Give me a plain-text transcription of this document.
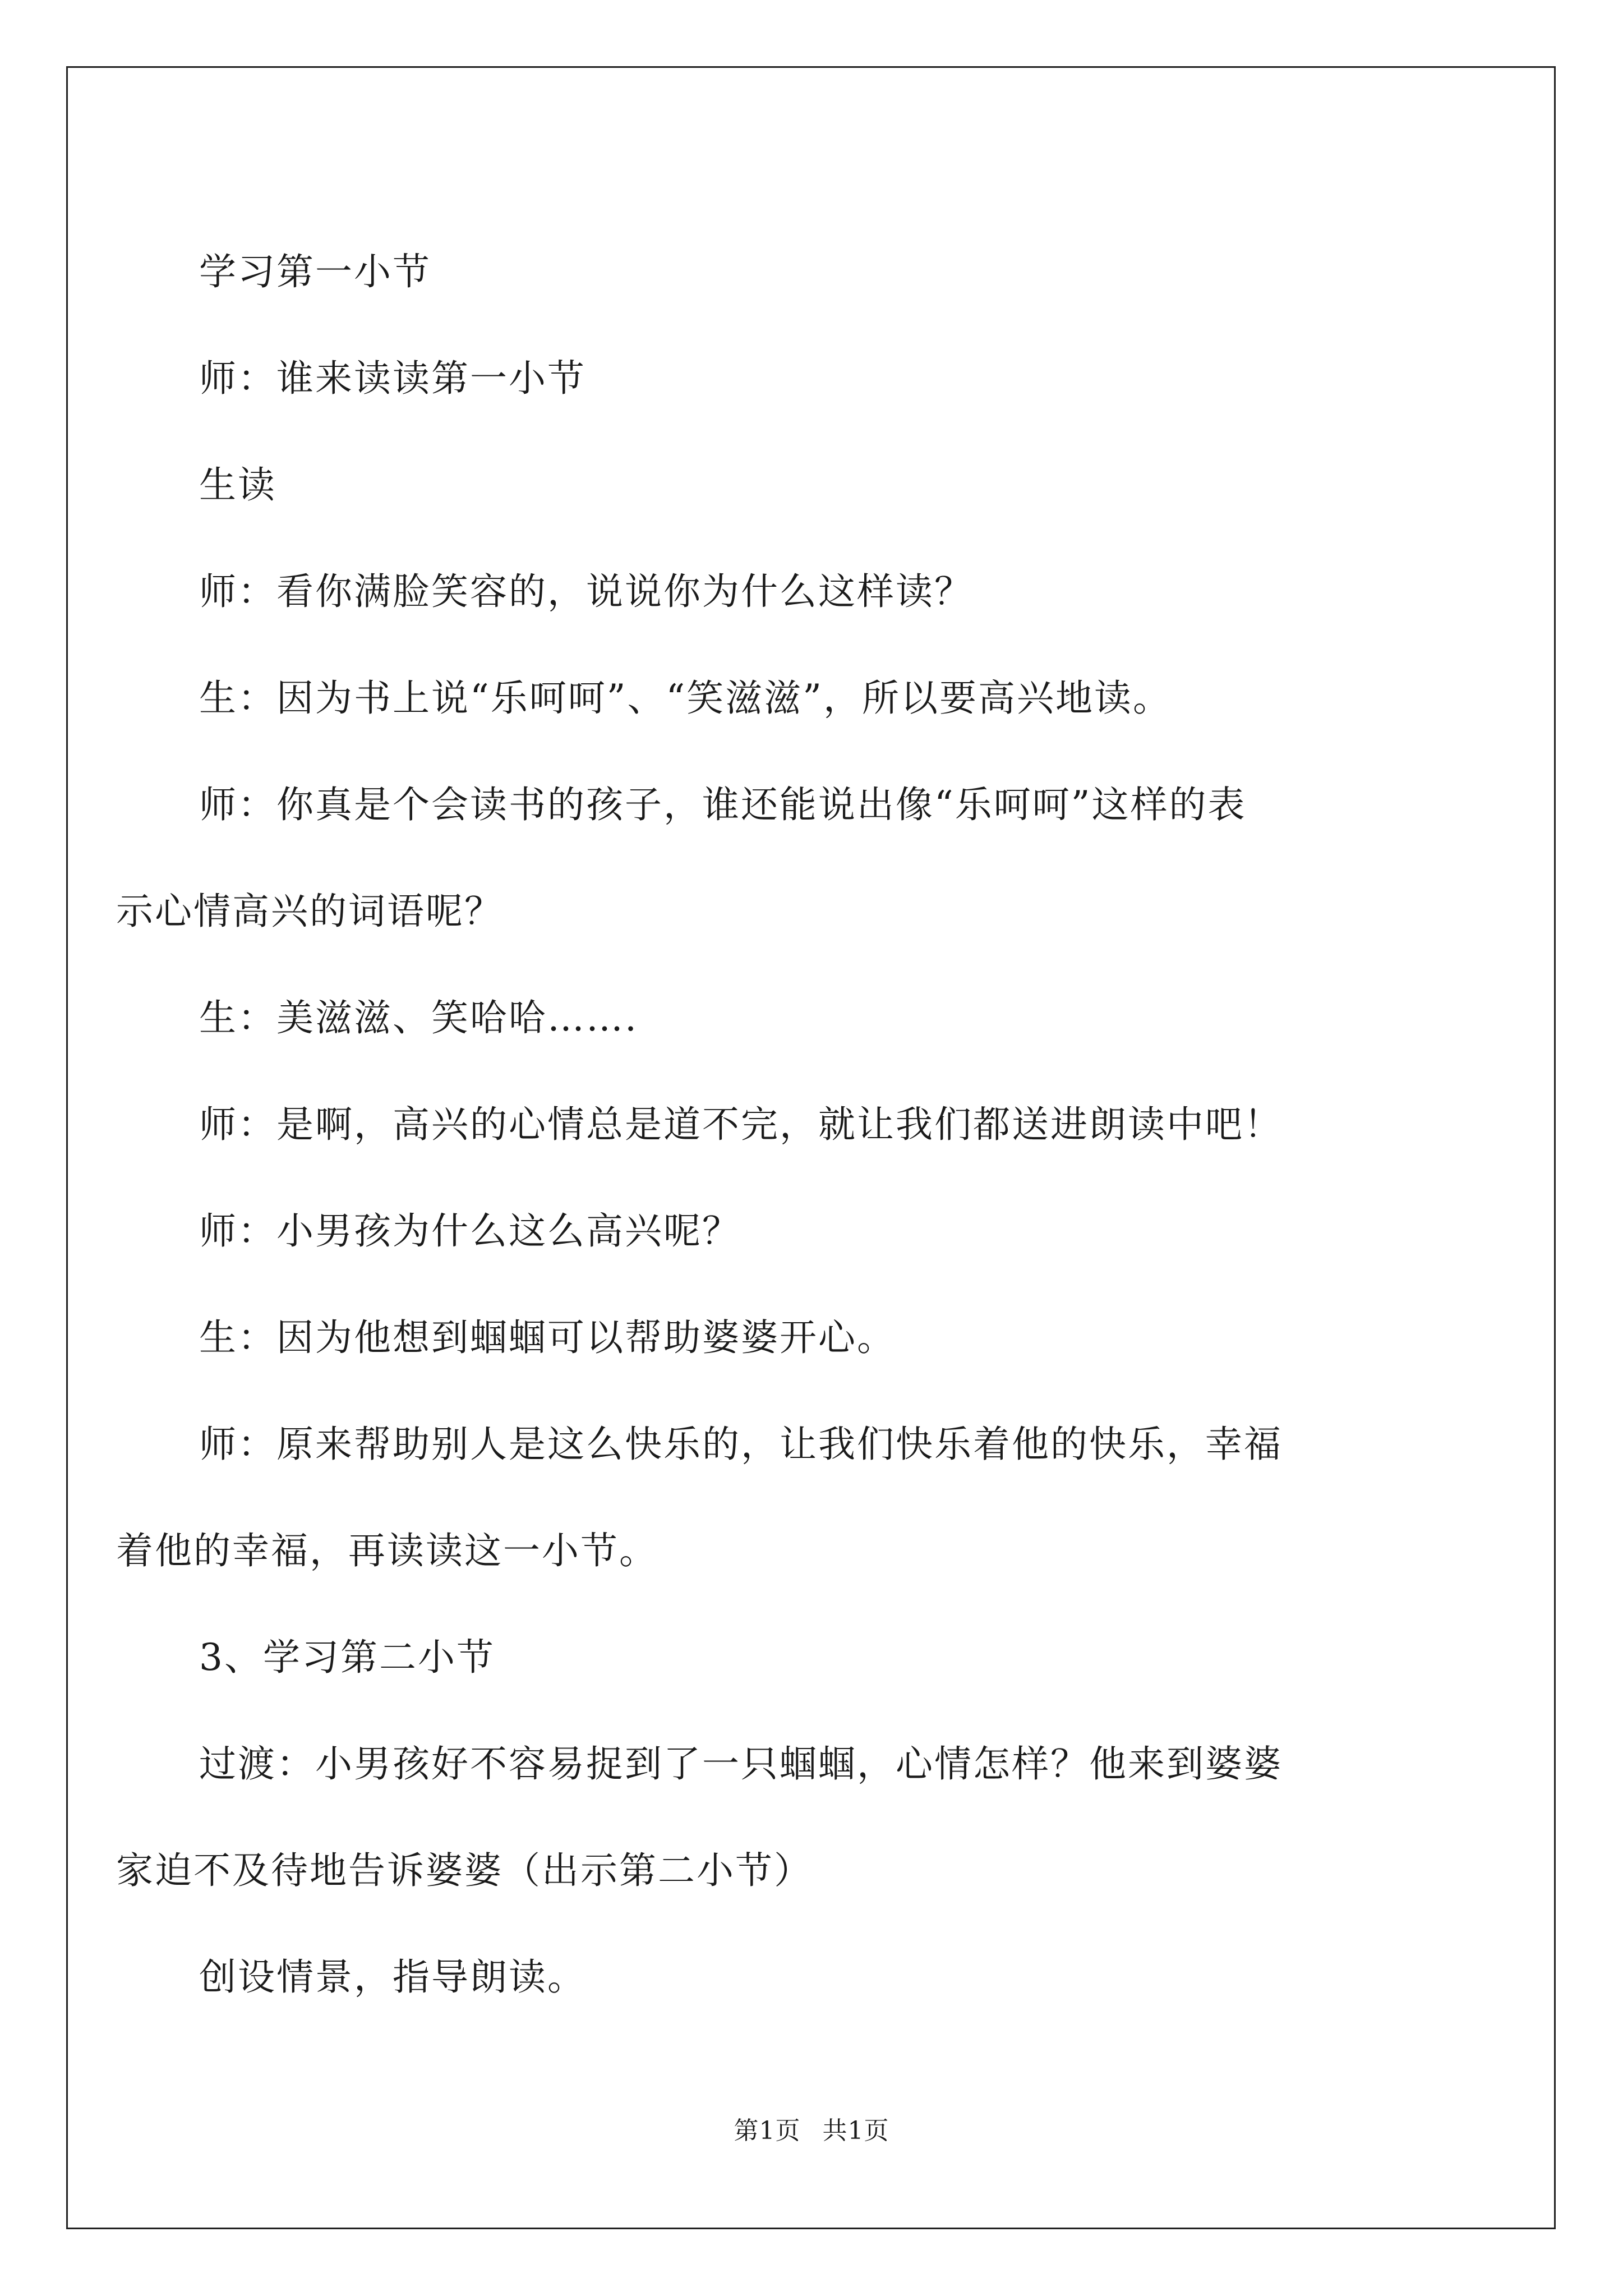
学习第一小节

师：谁来读读第一小节

生读

师：看你满脸笑容的，说说你为什么这样读？

生：因为书上说“乐呵呵”、“笑滋滋”，所以要高兴地读。

师：你真是个会读书的孩子，谁还能说出像“乐呵呵”这样的表
示心情高兴的词语呢？

生：美滋滋、笑哈哈…….

师：是啊，高兴的心情总是道不完，就让我们都送进朗读中吧！

师：小男孩为什么这么高兴呢？

生：因为他想到蝈蝈可以帮助婆婆开心。

师：原来帮助别人是这么快乐的，让我们快乐着他的快乐，幸福
着他的幸福，再读读这一小节。

3、学习第二小节

过渡：小男孩好不容易捉到了一只蝈蝈，心情怎样？他来到婆婆
家迫不及待地告诉婆婆（出示第二小节）

创设情景，指导朗读。

第1页 共1页
